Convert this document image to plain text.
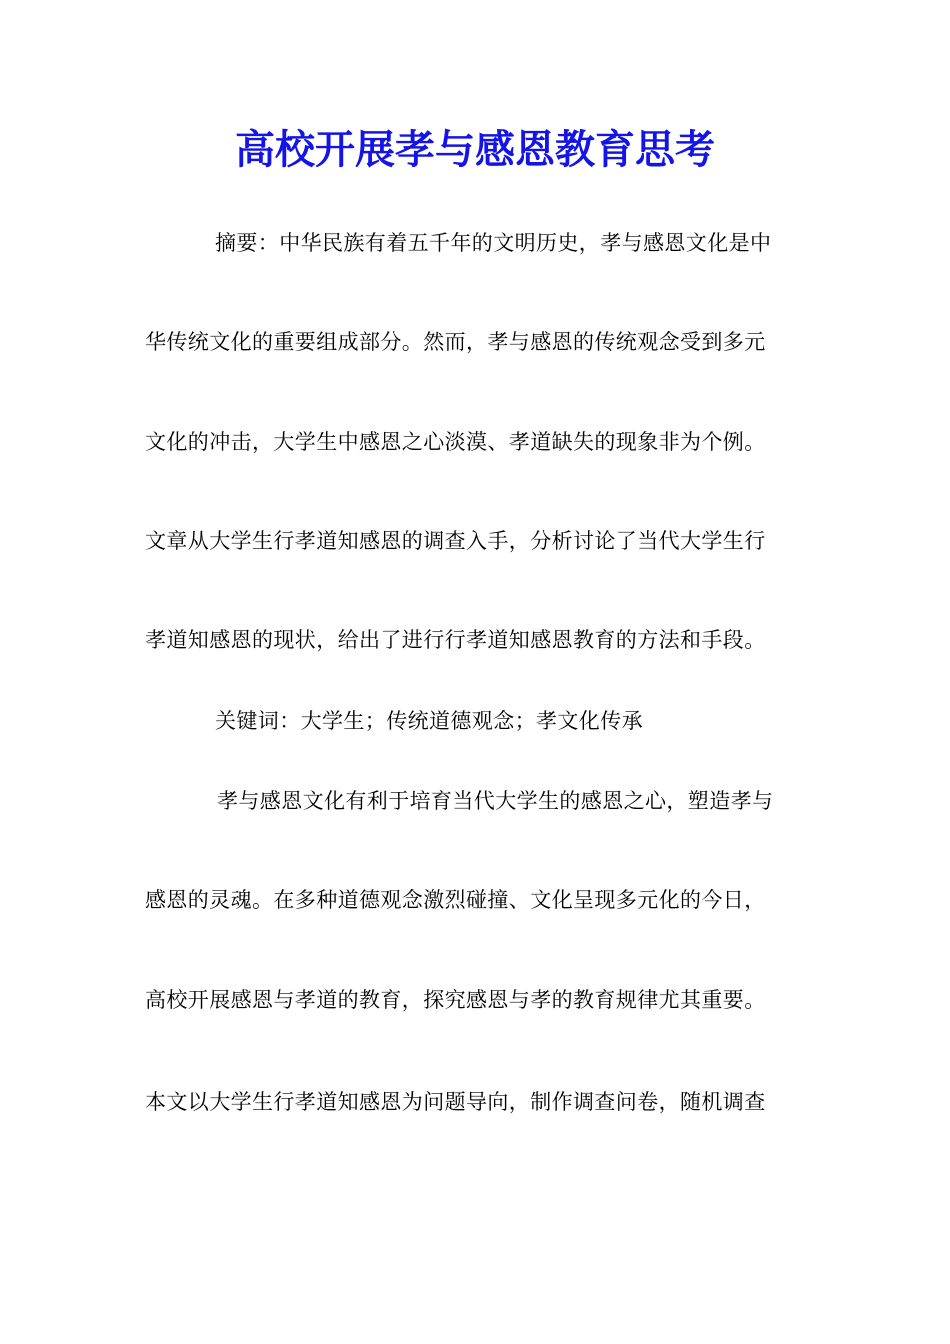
高校开展孝与感恩教育思考
摘要：中华民族有着五千年的文明历史，孝与感恩文化是中
华传统文化的重要组成部分。然而，孝与感恩的传统观念受到多元
文化的冲击，大学生中感恩之心淡漠、孝道缺失的现象非为个例。
文章从大学生行孝道知感恩的调查入手，分析讨论了当代大学生行
孝道知感恩的现状，给出了进行行孝道知感恩教育的方法和手段。
关键词：大学生；传统道德观念；孝文化传承
孝与感恩文化有利于培育当代大学生的感恩之心，塑造孝与
感恩的灵魂。在多种道德观念激烈碰撞、文化呈现多元化的今日，
高校开展感恩与孝道的教育，探究感恩与孝的教育规律尤其重要。
本文以大学生行孝道知感恩为问题导向，制作调查问卷，随机调查
